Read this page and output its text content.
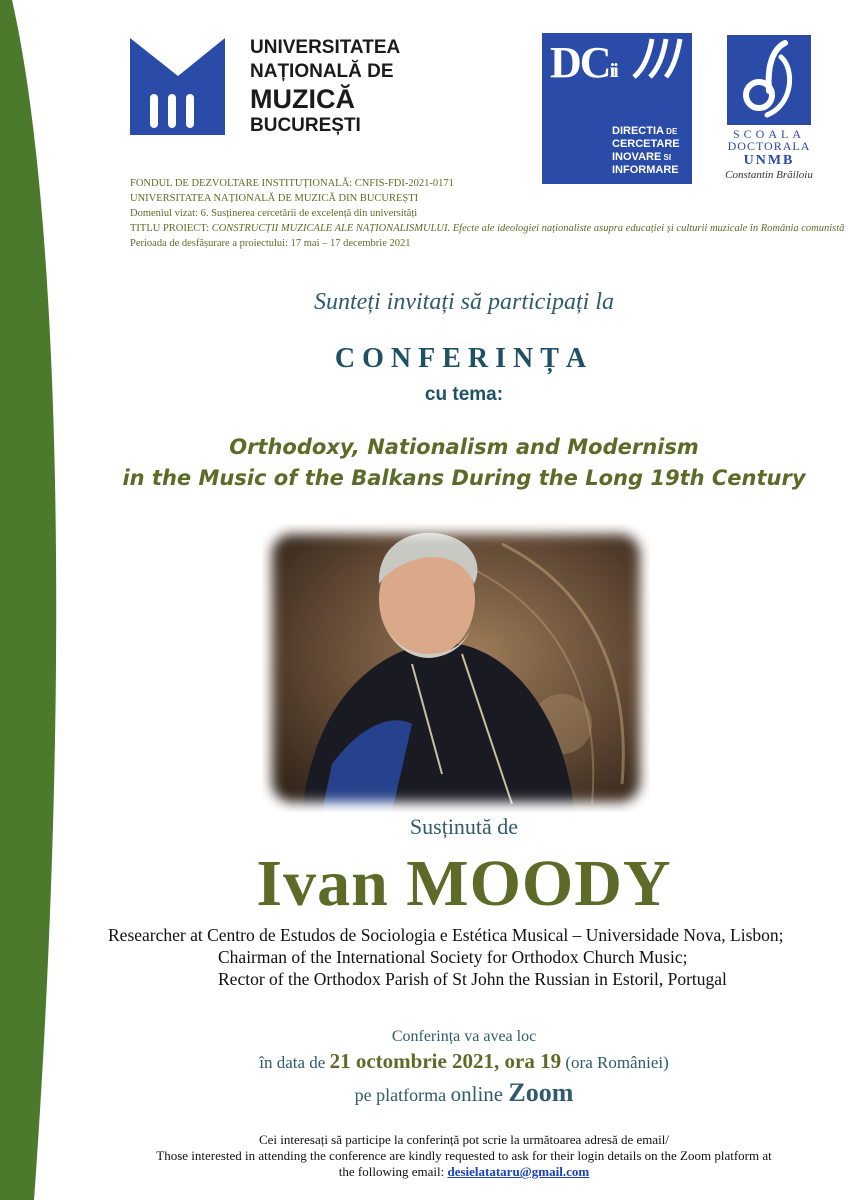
UNIVERSITATEA
NAȚIONALĂ DE
MUZICĂ
BUCUREȘTI
DCii
DIRECTIA DE
CERCETARE
INOVARE SI
INFORMARE
SCOALA
DOCTORALA
UNMB
Constantin Brăiloiu
FONDUL DE DEZVOLTARE INSTITUȚIONALĂ: CNFIS-FDI-2021-0171
UNIVERSITATEA NAȚIONALĂ DE MUZICĂ DIN BUCUREȘTI
Domeniul vizat: 6. Susținerea cercetării de excelență din universități
TITLU PROIECT: CONSTRUCȚII MUZICALE ALE NAȚIONALISMULUI. Efecte ale ideologiei naționaliste asupra educației și culturii muzicale în România comunistă
Perioada de desfășurare a proiectului: 17 mai – 17 decembrie 2021
Sunteți invitați să participați la
CONFERINȚA
cu tema:
Orthodoxy, Nationalism and Modernism
in the Music of the Balkans During the Long 19th Century
Susținută de
Ivan MOODY
Researcher at Centro de Estudos de Sociologia e Estética Musical – Universidade Nova, Lisbon;
Chairman of the International Society for Orthodox Church Music;
Rector of the Orthodox Parish of St John the Russian in Estoril, Portugal
Conferința va avea loc
în data de 21 octombrie 2021, ora 19 (ora României)
pe platforma online Zoom
Cei interesați să participe la conferință pot scrie la următoarea adresă de email/
Those interested in attending the conference are kindly requested to ask for their login details on the Zoom platform at
the following email: desielatataru@gmail.com
